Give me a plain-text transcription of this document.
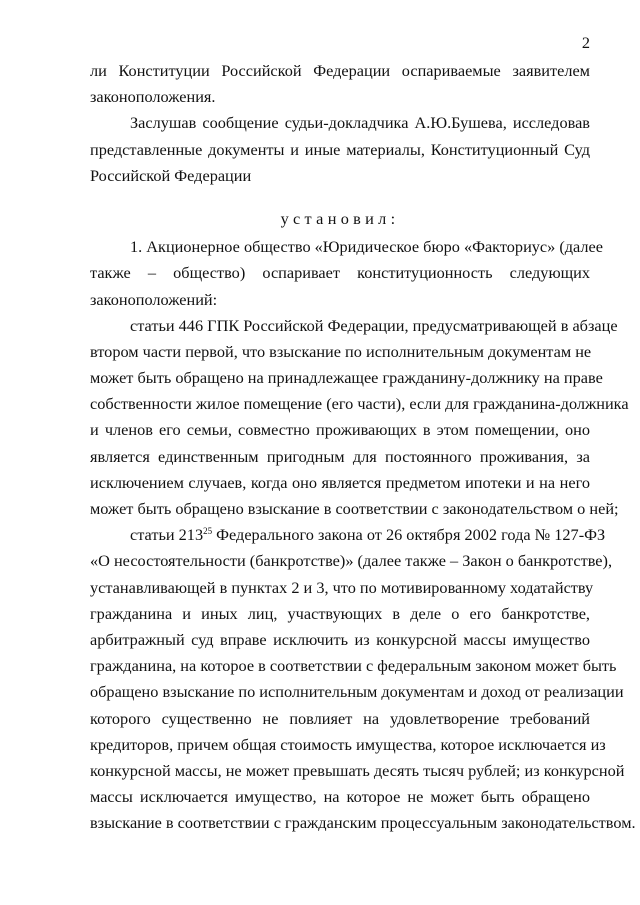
2
ли Конституции Российской Федерации оспариваемые заявителем
законоположения.
Заслушав сообщение судьи-докладчика А.Ю.Бушева, исследовав
представленные документы и иные материалы, Конституционный Суд
Российской Федерации
установил:
1. Акционерное общество «Юридическое бюро «Факториус» (далее
также – общество) оспаривает конституционность следующих
законоположений:
статьи 446 ГПК Российской Федерации, предусматривающей в абзаце
втором части первой, что взыскание по исполнительным документам не
может быть обращено на принадлежащее гражданину-должнику на праве
собственности жилое помещение (его части), если для гражданина-должника
и членов его семьи, совместно проживающих в этом помещении, оно
является единственным пригодным для постоянного проживания, за
исключением случаев, когда оно является предметом ипотеки и на него
может быть обращено взыскание в соответствии с законодательством о ней;
статьи $213^{25}$ Федерального закона от 26 октября 2002 года № 127-ФЗ
«О несостоятельности (банкротстве)» (далее также – Закон о банкротстве),
устанавливающей в пунктах 2 и 3, что по мотивированному ходатайству
гражданина и иных лиц, участвующих в деле о его банкротстве,
арбитражный суд вправе исключить из конкурсной массы имущество
гражданина, на которое в соответствии с федеральным законом может быть
обращено взыскание по исполнительным документам и доход от реализации
которого существенно не повлияет на удовлетворение требований
кредиторов, причем общая стоимость имущества, которое исключается из
конкурсной массы, не может превышать десять тысяч рублей; из конкурсной
массы исключается имущество, на которое не может быть обращено
взыскание в соответствии с гражданским процессуальным законодательством.
